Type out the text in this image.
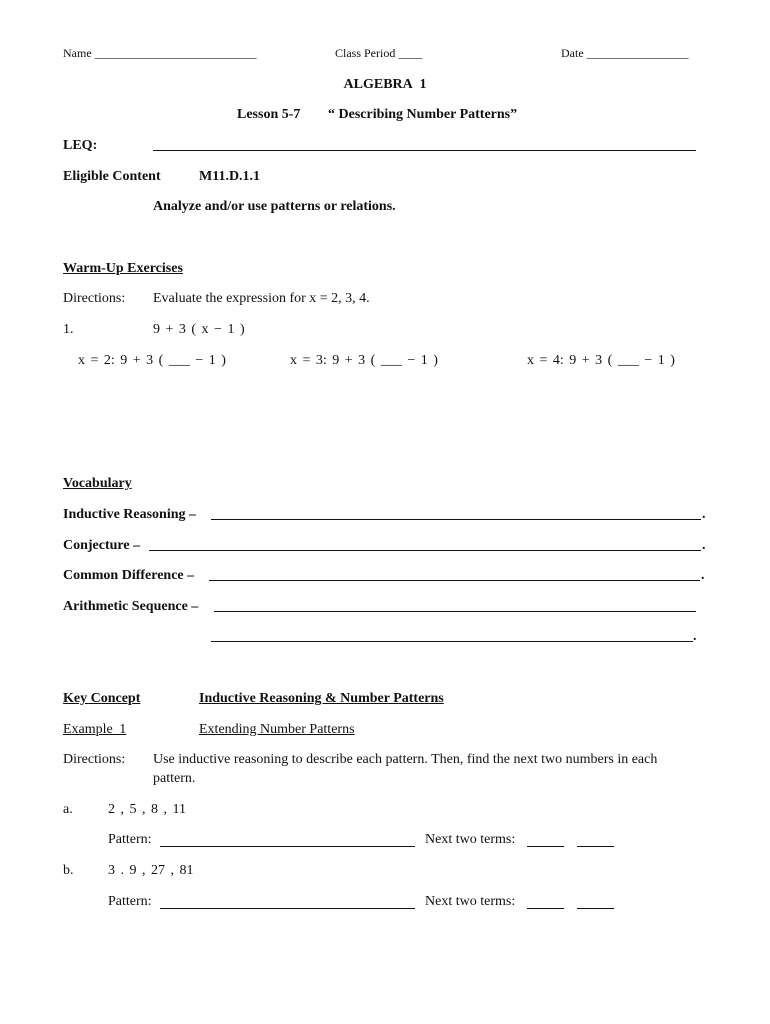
Name ___________________________	Class Period ____	Date _________________
ALGEBRA 1
Lesson 5-7 “ Describing Number Patterns”
LEQ:
Eligible Content	M11.D.1.1
Analyze and/or use patterns or relations.
Warm-Up Exercises
Directions: Evaluate the expression for x = 2, 3, 4.
1.	9 + 3 ( x − 1 )
x = 2: 9 + 3 ( ___ − 1 )	x = 3: 9 + 3 ( ___ − 1 )	x = 4: 9 + 3 ( ___ − 1 )
Vocabulary
Inductive Reasoning –	.
Conjecture –	.
Common Difference –	.
Arithmetic Sequence –
.
Key Concept	Inductive Reasoning & Number Patterns
Example 1	Extending Number Patterns
Directions: Use inductive reasoning to describe each pattern. Then, find the next two numbers in each
pattern.
a.	2 , 5 , 8 , 11
Pattern:	Next two terms:
b. 3 . 9 , 27 , 81
Pattern:	Next two terms:
